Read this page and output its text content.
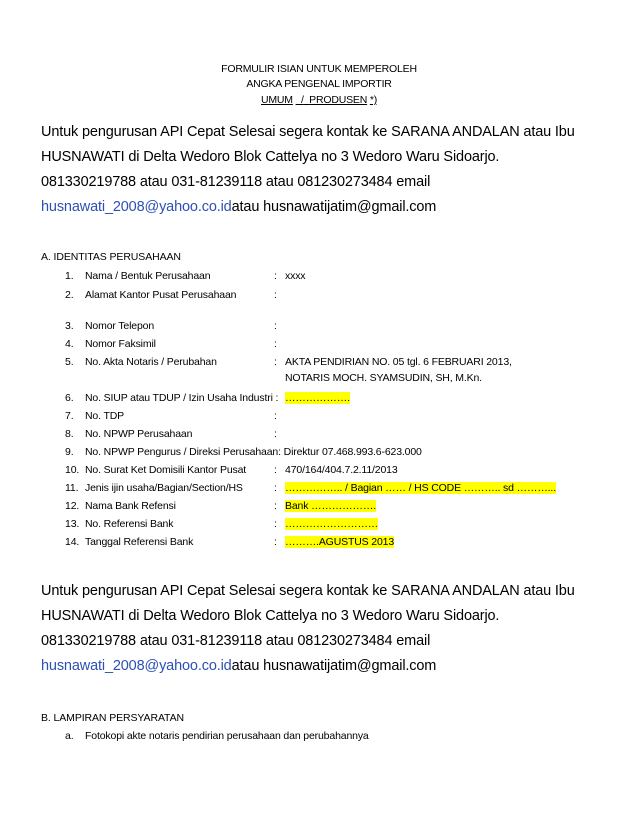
FORMULIR ISIAN UNTUK MEMPEROLEH
ANGKA PENGENAL IMPORTIR
UMUM / PRODUSEN *)
Untuk pengurusan API Cepat Selesai segera kontak ke SARANA ANDALAN atau Ibu
HUSNAWATI di Delta Wedoro Blok Cattelya no 3 Wedoro Waru Sidoarjo.
081330219788 atau 031-81239118 atau 081230273484 email
husnawati_2008@yahoo.co.idatau husnawatijatim@gmail.com
A. IDENTITAS PERUSAHAAN
1. Nama / Bentuk Perusahaan	: xxxx
2. Alamat Kantor Pusat Perusahaan	:
3. Nomor Telepon	:
4. Nomor Faksimil	:
5. No. Akta Notaris / Perubahan	: AKTA PENDIRIAN NO. 05 tgl. 6 FEBRUARI 2013,
NOTARIS MOCH. SYAMSUDIN, SH, M.Kn.
6. No. SIUP atau TDUP / Izin Usaha Industri : ……………….
7. No. TDP	:
8. No. NPWP Perusahaan	:
9. No. NPWP Pengurus / Direksi Perusahaan: Direktur 07.468.993.6-623.000
10. No. Surat Ket Domisili Kantor Pusat	: 470/164/404.7.2.11/2013
11. Jenis ijin usaha/Bagian/Section/HS	: …………….. / Bagian …… / HS CODE ……….. sd ………...
12. Nama Bank Refensi	: Bank ……………….
13. No. Referensi Bank	: ………………………
14. Tanggal Referensi Bank	: ……….AGUSTUS 2013
Untuk pengurusan API Cepat Selesai segera kontak ke SARANA ANDALAN atau Ibu
HUSNAWATI di Delta Wedoro Blok Cattelya no 3 Wedoro Waru Sidoarjo.
081330219788 atau 031-81239118 atau 081230273484 email
husnawati_2008@yahoo.co.idatau husnawatijatim@gmail.com
B. LAMPIRAN PERSYARATAN
a. Fotokopi akte notaris pendirian perusahaan dan perubahannya
